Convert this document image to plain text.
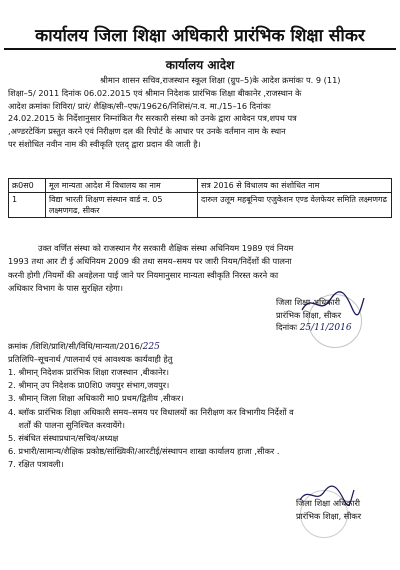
कार्यालय जिला शिक्षा अधिकारी प्रारंभिक शिक्षा सीकर
कार्यालय आदेश
श्रीमान शासन सचिव,राजस्थान स्कूल शिक्षा (ग्रुप–5)के आदेश क्रमांकः प. 9 (11)
शिक्षा–5/ 2011 दिनांक 06.02.2015 एवं श्रीमान निदेशक प्रारंभिक शिक्षा बीकानेर ,राजस्थान के
आदेश क्रमांकः शिविरा/ प्रारं/ शैक्षिक/सी–एफ/19626/निशिसं/न.व. मा./15–16 दिनांकः
24.02.2015 के निर्देशानुसार निम्नांकित गैर सरकारी संस्था को उनके द्वारा आवेदन पत्र,शपथ पत्र
,अण्डरटेकिंग प्रस्तुत करने एवं निरीक्षण दल की रिपोर्ट के आधार पर उनके वर्तमान नाम के स्थान
पर संशोधित नवीन नाम की स्वीकृति एतद् द्वारा प्रदान की जाती है।
क्र0स0	मूल मान्यता आदेश में विधालय का नाम	सत्र 2016 से विधालय का संशोधित नाम
1	विद्या भारती शिक्षण संस्थान वार्ड न. 05 लक्ष्मणगढ, सीकर	दारुल उलूम महबूनिया एजुकेशन एण्ड वेलफेयर समिति लक्ष्मणगढ
उक्त वर्णित संस्था को राजस्थान गैर सरकारी शैक्षिक संस्था अधिनियम 1989 एवं नियम
1993 तथा आर टी ई अधिनियम 2009 की तथा समय–समय पर जारी नियम/निर्देशों की पालना
करनी होगी /नियमों की अवहेलना पाई जाने पर नियमानुसार मान्यता स्वीकृति निरस्त करने का
अधिकार विभाग के पास सुरक्षित रहेगा।
जिला शिक्षा अधिकारी
प्रारंभिक शिक्षा, सीकर
दिनांकः 25/11/2016
क्रमांक /शिशि/प्राशि/सी/विधि/मान्यता/2016/225
प्रतिलिपि–सूचनार्थ /पालनार्थ एवं आवश्यक कार्यवाही हेतु
1. श्रीमान् निदेशक प्रारंभिक शिक्षा राजस्थान ,बीकानेर।
2. श्रीमान् उप निदेशक प्रा0शि0 जयपुर संभाग,जयपुर।
3. श्रीमान् जिला शिक्षा अधिकारी मा0 प्रथम/द्वितीय ,सीकर।
4. ब्लॉक प्रारंभिक शिक्षा अधिकारी समय–समय पर विधालयों का निरीक्षण कर विभागीय निर्देशों व
शर्तों की पालना सुनिश्चित करवायेंगे।
5. संबंधित संस्थाप्रधान/सचिव/अध्यक्ष
6. प्रभारी/सामान्य/शैक्षिक प्रकोष्ठ/सांख्यिकी/आरटीई/संस्थापन शाखा कार्यालय हाजा ,सीकर .
7. रक्षित पत्रावली।
जिला शिक्षा अधिकारी
प्रारंभिक शिक्षा, सीकर
